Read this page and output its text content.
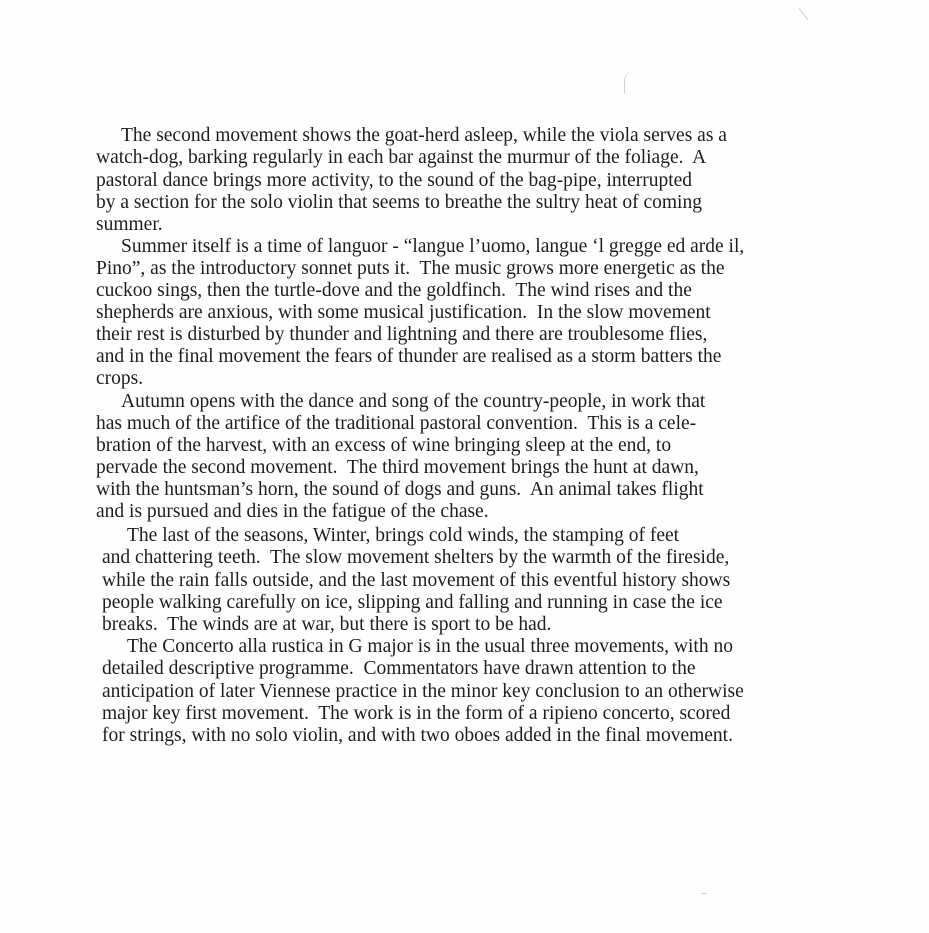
The second movement shows the goat-herd asleep, while the viola serves as a
watch-dog, barking regularly in each bar against the murmur of the foliage.  A
pastoral dance brings more activity, to the sound of the bag-pipe, interrupted
by a section for the solo violin that seems to breathe the sultry heat of coming
summer.
Summer itself is a time of languor - “langue l’uomo, langue ‘l gregge ed arde il,
Pino”, as the introductory sonnet puts it.  The music grows more energetic as the
cuckoo sings, then the turtle-dove and the goldfinch.  The wind rises and the
shepherds are anxious, with some musical justification.  In the slow movement
their rest is disturbed by thunder and lightning and there are troublesome flies,
and in the final movement the fears of thunder are realised as a storm batters the
crops.
Autumn opens with the dance and song of the country-people, in work that
has much of the artifice of the traditional pastoral convention.  This is a cele-
bration of the harvest, with an excess of wine bringing sleep at the end, to
pervade the second movement.  The third movement brings the hunt at dawn,
with the huntsman’s horn, the sound of dogs and guns.  An animal takes flight
and is pursued and dies in the fatigue of the chase.
The last of the seasons, Winter, brings cold winds, the stamping of feet
and chattering teeth.  The slow movement shelters by the warmth of the fireside,
while the rain falls outside, and the last movement of this eventful history shows
people walking carefully on ice, slipping and falling and running in case the ice
breaks.  The winds are at war, but there is sport to be had.
The Concerto alla rustica in G major is in the usual three movements, with no
detailed descriptive programme.  Commentators have drawn attention to the
anticipation of later Viennese practice in the minor key conclusion to an otherwise
major key first movement.  The work is in the form of a ripieno concerto, scored
for strings, with no solo violin, and with two oboes added in the final movement.
